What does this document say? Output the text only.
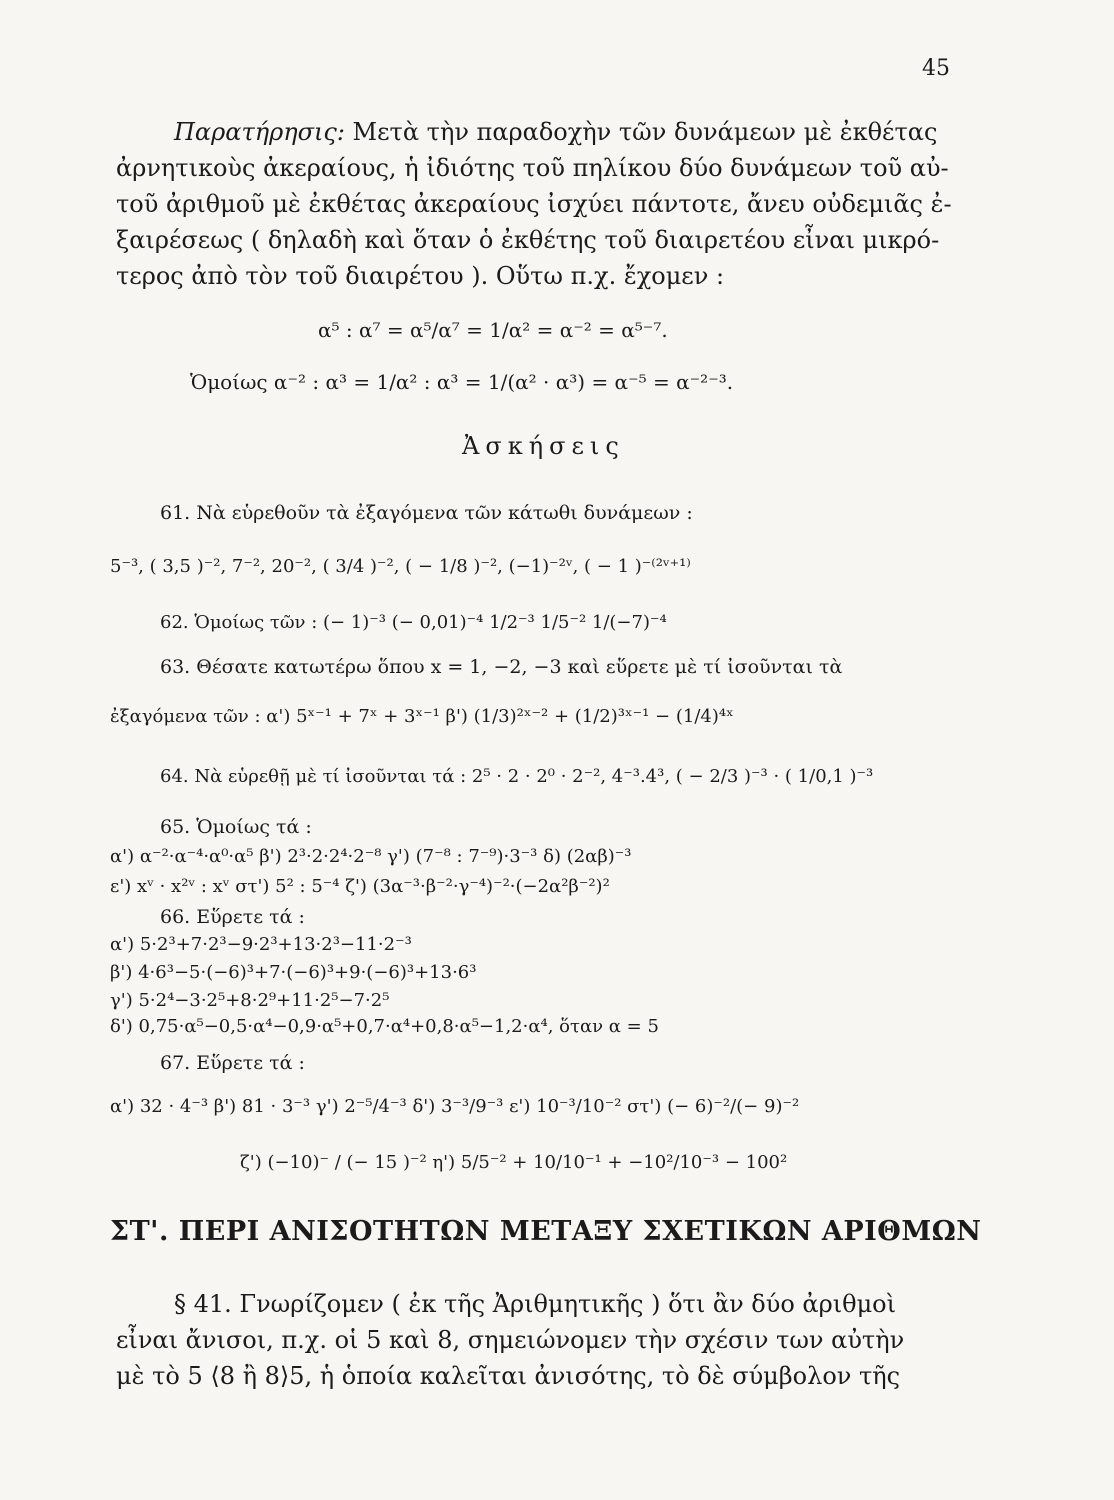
45
Παρατήρησις: Μετὰ τὴν παραδοχὴν τῶν δυνάμεων μὲ ἐκθέτας
ἀρνητικοὺς ἀκεραίους, ἡ ἰδιότης τοῦ πηλίκου δύο δυνάμεων τοῦ αὐ-
τοῦ ἀριθμοῦ μὲ ἐκθέτας ἀκεραίους ἰσχύει πάντοτε, ἄνευ οὐδεμιᾶς ἐ-
ξαιρέσεως ( δηλαδὴ καὶ ὅταν ὁ ἐκθέτης τοῦ διαιρετέου εἶναι μικρό-
τερος ἀπὸ τὸν τοῦ διαιρέτου ). Οὕτω π.χ. ἔχομεν :
α⁵ : α⁷ = α⁵/α⁷ = 1/α² = α⁻² = α⁵⁻⁷.
Ὁμοίως α⁻² : α³ = 1/α² : α³ = 1/(α² · α³) = α⁻⁵ = α⁻²⁻³.
Ἀσκήσεις
61. Νὰ εὑρεθοῦν τὰ ἐξαγόμενα τῶν κάτωθι δυνάμεων :
5⁻³, ( 3,5 )⁻², 7⁻², 20⁻², ( 3/4 )⁻², ( − 1/8 )⁻², (−1)⁻²ᵛ, ( − 1 )⁻⁽²ᵛ⁺¹⁾
62. Ὁμοίως τῶν : (− 1)⁻³ (− 0,01)⁻⁴ 1/2⁻³ 1/5⁻² 1/(−7)⁻⁴
63. Θέσατε κατωτέρω ὅπου x = 1, −2, −3 καὶ εὕρετε μὲ τί ἰσοῦνται τὰ
ἐξαγόμενα τῶν : α') 5ˣ⁻¹ + 7ˣ + 3ˣ⁻¹ β') (1/3)²ˣ⁻² + (1/2)³ˣ⁻¹ − (1/4)⁴ˣ
64. Νὰ εὑρεθῇ μὲ τί ἰσοῦνται τά : 2⁵ · 2 · 2⁰ · 2⁻², 4⁻³.4³, ( − 2/3 )⁻³ · ( 1/0,1 )⁻³
65. Ὁμοίως τά :
α') α⁻²·α⁻⁴·α⁰·α⁵ β') 2³·2·2⁴·2⁻⁸ γ') (7⁻⁸ : 7⁻⁹)·3⁻³ δ) (2αβ)⁻³
ε') xᵛ · x²ᵛ : xᵛ στ') 5² : 5⁻⁴ ζ') (3α⁻³·β⁻²·γ⁻⁴)⁻²·(−2α²β⁻²)²
66. Εὕρετε τά :
α') 5·2³+7·2³−9·2³+13·2³−11·2⁻³
β') 4·6³−5·(−6)³+7·(−6)³+9·(−6)³+13·6³
γ') 5·2⁴−3·2⁵+8·2⁹+11·2⁵−7·2⁵
δ') 0,75·α⁵−0,5·α⁴−0,9·α⁵+0,7·α⁴+0,8·α⁵−1,2·α⁴, ὅταν α = 5
67. Εὕρετε τά :
α') 32 · 4⁻³ β') 81 · 3⁻³ γ') 2⁻⁵/4⁻³ δ') 3⁻³/9⁻³ ε') 10⁻³/10⁻² στ') (− 6)⁻²/(− 9)⁻²
ζ') (−10)⁻ / (− 15 )⁻² η') 5/5⁻² + 10/10⁻¹ + −10²/10⁻³ − 100²
ΣΤ'. ΠΕΡΙ ΑΝΙΣΟΤΗΤΩΝ ΜΕΤΑΞΥ ΣΧΕΤΙΚΩΝ ΑΡΙΘΜΩΝ
§ 41. Γνωρίζομεν ( ἐκ τῆς Ἀριθμητικῆς ) ὅτι ἂν δύο ἀριθμοὶ
εἶναι ἄνισοι, π.χ. οἱ 5 καὶ 8, σημειώνομεν τὴν σχέσιν των αὐτὴν
μὲ τὸ 5 ⟨8 ἢ 8⟩5, ἡ ὁποία καλεῖται ἀνισότης, τὸ δὲ σύμβολον τῆς
